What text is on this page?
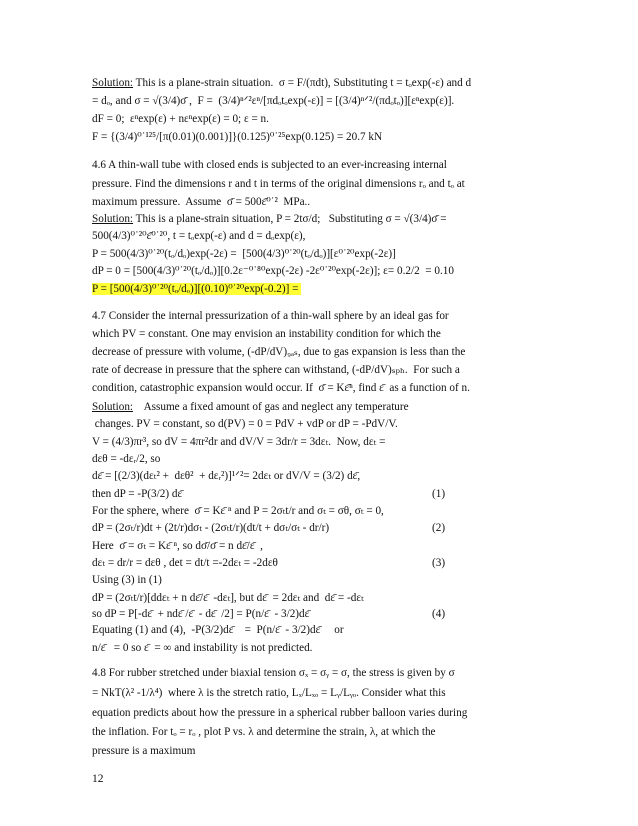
Solution: This is a plane-strain situation.  σ = F/(πdt), Substituting t = tₒexp(-ε) and d
= dₒ, and σ = √(3/4)σ̄ ,  F =  (3/4)ⁿᐟ²εⁿ/[πdₒtₒexp(-ε)] = [(3/4)ⁿᐟ²/(πdₒtₒ)][εⁿexp(ε)].
dF = 0;  εⁿexp(ε) + nεⁿexp(ε) = 0; ε = n.
F = {(3/4)⁰˙¹²⁵/[π(0.01)(0.001)]}(0.125)⁰˙²⁵exp(0.125) = 20.7 kN
4.6 A thin-wall tube with closed ends is subjected to an ever-increasing internal
pressure. Find the dimensions r and t in terms of the original dimensions rₒ and tₒ at
maximum pressure.  Assume  σ̄ = 500ε̄⁰˙²  MPa..
Solution: This is a plane-strain situation, P = 2tσ/d;   Substituting σ = √(3/4)σ̄ =
500(4/3)⁰˙²⁰ε̄⁰˙²⁰, t = tₒexp(-ε) and d = dₒexp(ε),
P = 500(4/3)⁰˙²⁰(tₒ/dₒ)exp(-2ε) =  [500(4/3)⁰˙²⁰(tₒ/dₒ)][ε⁰˙²⁰exp(-2ε)]
dP = 0 = [500(4/3)⁰˙²⁰(tₒ/dₒ)][0.2ε⁻⁰˙⁸⁰exp(-2ε) -2ε⁰˙²⁰exp(-2ε)]; ε= 0.2/2  = 0.10
P = [500(4/3)⁰˙²⁰(tₒ/dₒ)][(0.10)⁰˙²⁰exp(-0.2)] =
4.7 Consider the internal pressurization of a thin-wall sphere by an ideal gas for
which PV = constant. One may envision an instability condition for which the
decrease of pressure with volume, (-dP/dV)₉ₐₛ, due to gas expansion is less than the
rate of decrease in pressure that the sphere can withstand, (-dP/dV)ₛₚₕ.  For such a
condition, catastrophic expansion would occur. If  σ̄ = Kε̄ⁿ, find ε̄  as a function of n.
Solution:    Assume a fixed amount of gas and neglect any temperature
changes. PV = constant, so d(PV) = 0 = PdV + vdP or dP = -PdV/V.
V = (4/3)πr³, so dV = 4πr²dr and dV/V = 3dr/r = 3dεₜ.  Now, dεₜ =
dεθ = -dεᵣ/2, so
dε̄ = [(2/3)(dεₜ² +  dεθ²  + dεᵣ²)]¹ᐟ²= 2dεₜ or dV/V = (3/2) dε̄,
then dP = -P(3/2) dε̄	(1)
For the sphere, where  σ̄ = Kε̄ ⁿ and P = 2σₜt/r and σₜ = σθ, σₜ = 0,
dP = (2σₜ/r)dt + (2t/r)dσₜ - (2σₜt/r)(dt/t + dσₜ/σₜ - dr/r)	(2)
Here  σ̄ = σₜ = Kε̄ ⁿ, so dσ̄/σ̄ = n dε̄/ε̄  ,
dεₜ = dr/r = dεθ , det = dt/t =-2dεₜ = -2dεθ	(3)
Using (3) in (1)
dP = (2σₜt/r)[ddεₜ + n dε̄/ε̄  -dεₜ], but dε̄  = 2dεₜ and  dε̄ = -dεₜ
so dP = P[-dε̄  + ndε̄ /ε̄  - dε̄  /2] = P(n/ε̄  - 3/2)dε̄	(4)
Equating (1) and (4),  -P(3/2)dε̄    =  P(n/ε̄  - 3/2)dε̄     or
n/ε̄   = 0 so ε̄  = ∞ and instability is not predicted.
4.8 For rubber stretched under biaxial tension σₓ = σᵧ = σ, the stress is given by σ
= NkT(λ² -1/λ⁴)  where λ is the stretch ratio, Lₓ/Lₓₒ = Lᵧ/Lᵧₒ. Consider what this
equation predicts about how the pressure in a spherical rubber balloon varies during
the inflation. For tₒ = rₒ , plot P vs. λ and determine the strain, λ, at which the
pressure is a maximum
12
